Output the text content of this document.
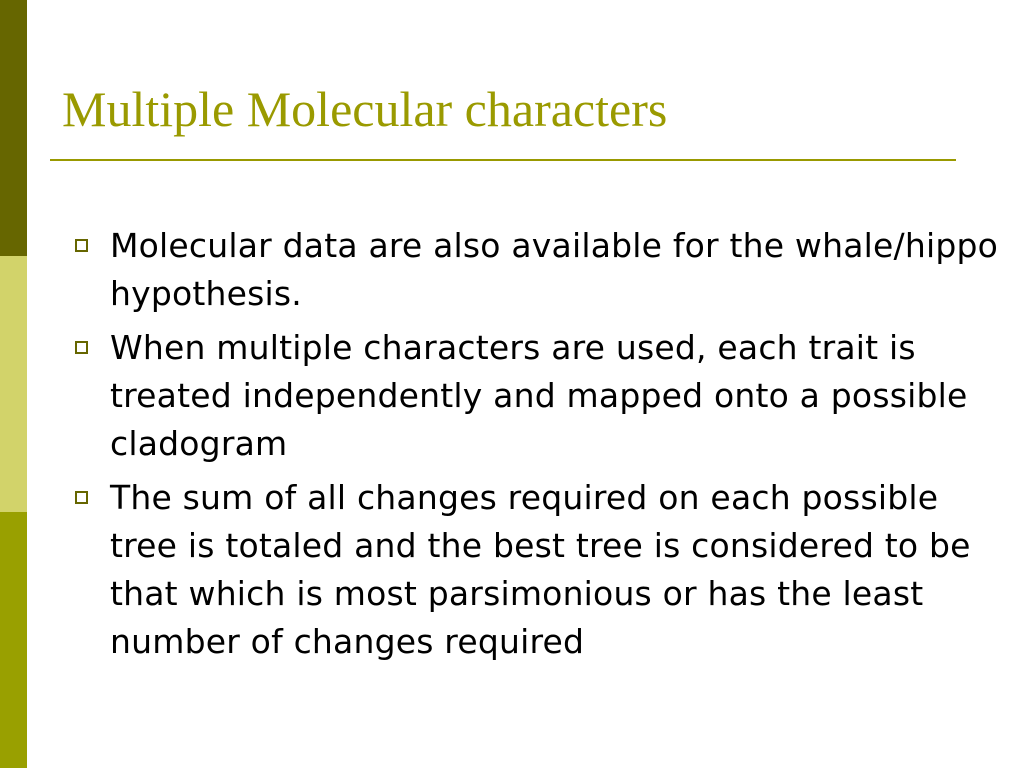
Multiple Molecular characters
Molecular data are also available for the whale/hippo hypothesis.
When multiple characters are used, each trait is treated independently and mapped onto a possible cladogram
The sum of all changes required on each possible tree is totaled and the best tree is considered to be that which is most parsimonious or has the least number of changes required
